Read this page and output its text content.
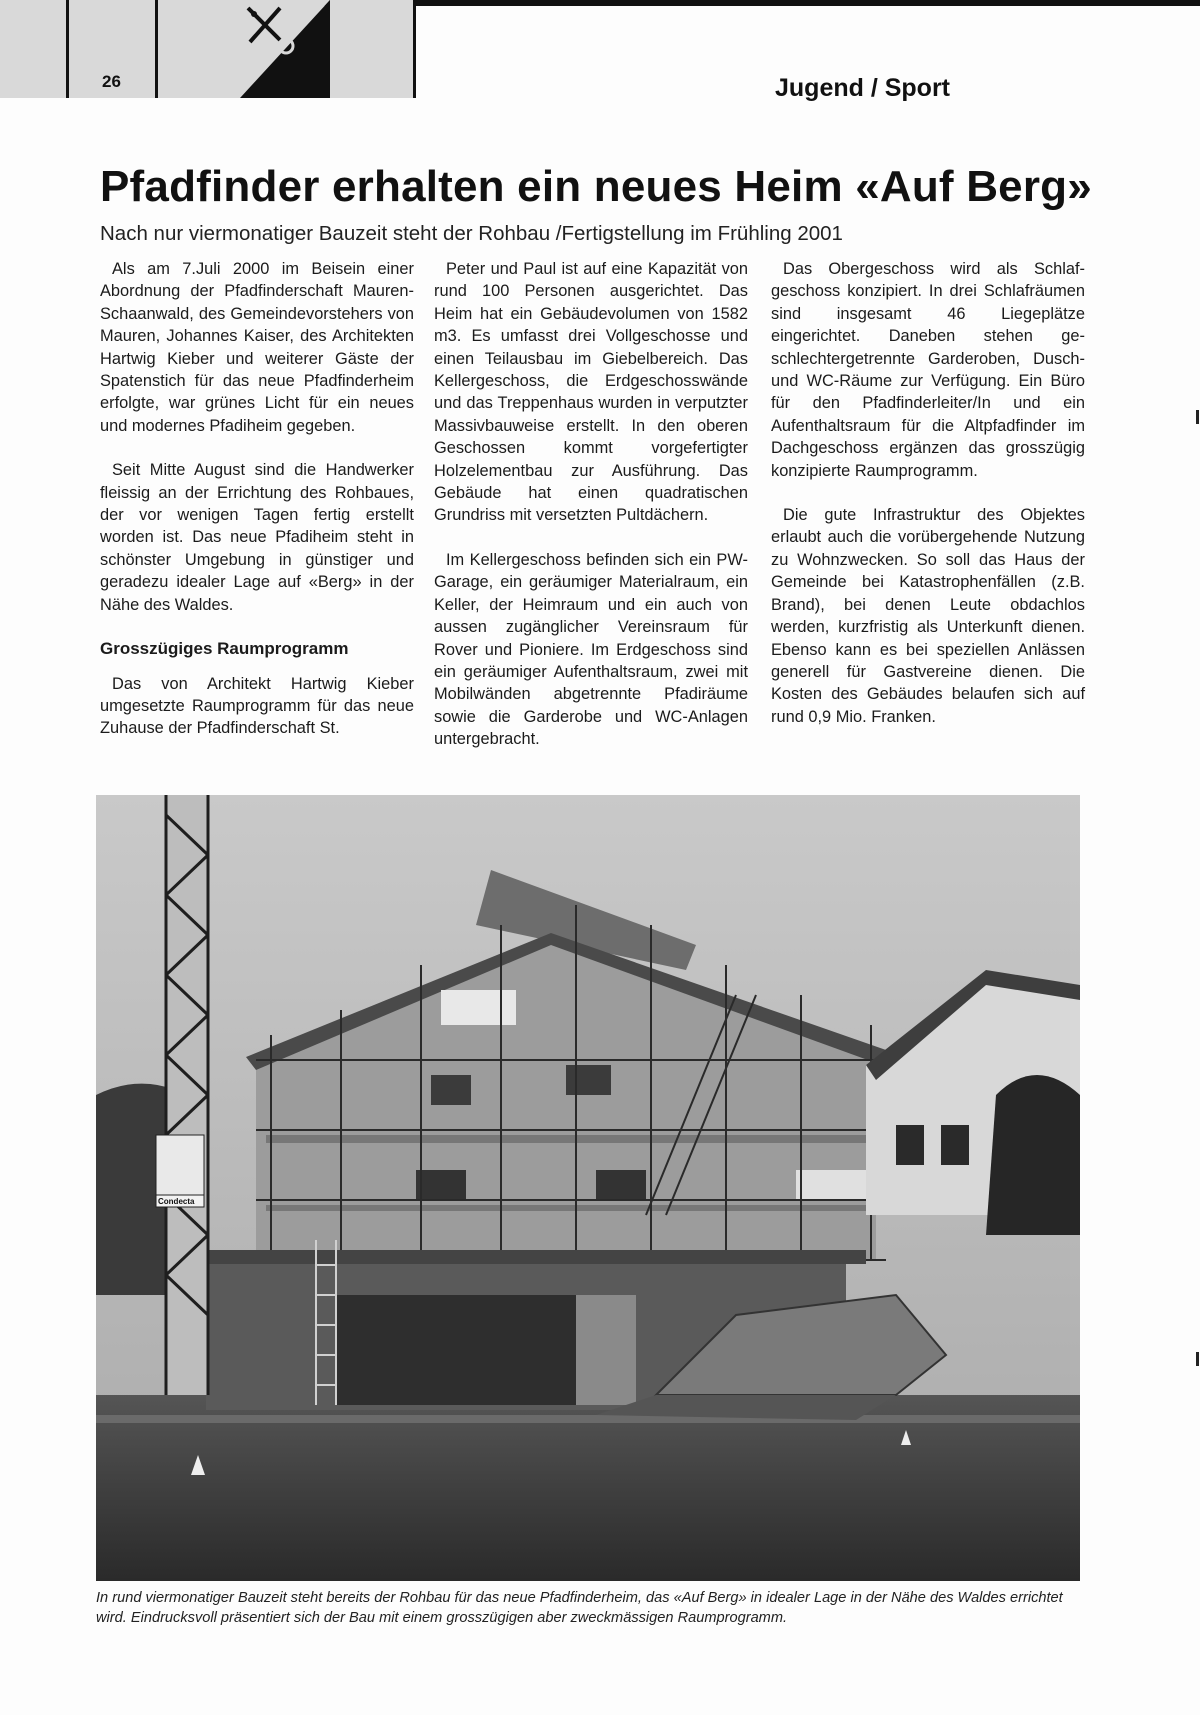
26	Jugend / Sport
Pfadfinder erhalten ein neues Heim «Auf Berg»
Nach nur viermonatiger Bauzeit steht der Rohbau /Fertigstellung im Frühling 2001

Als am 7.Juli 2000 im Beisein einer Abordnung der Pfadfinderschaft Mauren-Schaanwald, des Gemeindevorstehers von Mauren, Johannes Kaiser, des Architekten Hartwig Kieber und weiterer Gäste der Spatenstich für das neue Pfadfinderheim erfolgte, war grünes Licht für ein neues und modernes Pfadiheim gegeben.

Seit Mitte August sind die Handwerker fleissig an der Errichtung des Rohbaues, der vor wenigen Tagen fertig erstellt worden ist. Das neue Pfadiheim steht in schönster Umgebung in günstiger und geradezu idealer Lage auf «Berg» in der Nähe des Waldes.

Grosszügiges Raumprogramm

Das von Architekt Hartwig Kieber umgesetzte Raumprogramm für das neue Zuhause der Pfadfinderschaft St.

Peter und Paul ist auf eine Kapazität von rund 100 Personen ausgerichtet. Das Heim hat ein Gebäudevolumen von 1582 m3. Es umfasst drei Vollgeschosse und einen Teilausbau im Giebelbereich. Das Kellergeschoss, die Erdgeschosswände und das Treppenhaus wurden in verputzter Massivbauweise erstellt. In den oberen Geschossen kommt vorgefertigter Holzelementbau zur Ausführung. Das Gebäude hat einen quadratischen Grundriss mit versetzten Pultdächern.

Im Kellergeschoss befinden sich ein PW-Garage, ein geräumiger Materialraum, ein Keller, der Heimraum und ein auch von aussen zugänglicher Vereinsraum für Rover und Pioniere. Im Erdgeschoss sind ein geräumiger Aufenthaltsraum, zwei mit Mobilwänden abgetrennte Pfadiräume sowie die Garderobe und WC-Anlagen untergebracht.

Das Obergeschoss wird als Schlafgeschoss konzipiert. In drei Schlafräumen sind insgesamt 46 Liegeplätze eingerichtet. Daneben stehen geschlechtergetrennte Garderoben, Dusch- und WC-Räume zur Verfügung. Ein Büro für den Pfadfinderleiter/In und ein Aufenthaltsraum für die Altpfadfinder im Dachgeschoss ergänzen das grosszügig konzipierte Raumprogramm.

Die gute Infrastruktur des Objektes erlaubt auch die vorübergehende Nutzung zu Wohnzwecken. So soll das Haus der Gemeinde bei Katastrophenfällen (z.B. Brand), bei denen Leute obdachlos werden, kurzfristig als Unterkunft dienen. Ebenso kann es bei speziellen Anlässen generell für Gastvereine dienen. Die Kosten des Gebäudes belaufen sich auf rund 0,9 Mio. Franken.

Condecta
In rund viermonatiger Bauzeit steht bereits der Rohbau für das neue Pfadfinderheim, das «Auf Berg» in idealer Lage in der Nähe des Waldes errichtet wird. Eindrucksvoll präsentiert sich der Bau mit einem grosszügigen aber zweckmässigen Raumprogramm.
